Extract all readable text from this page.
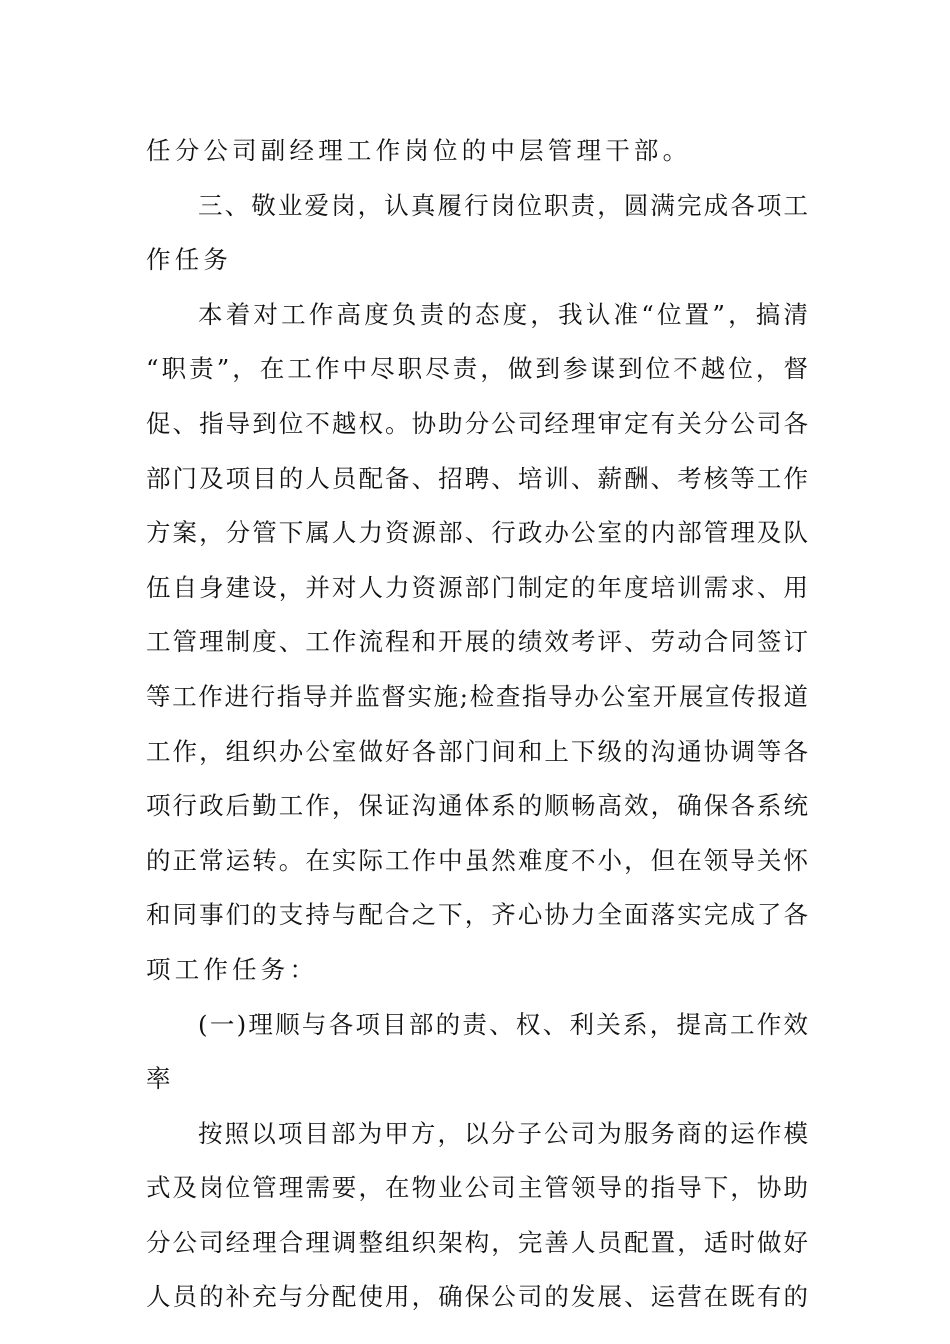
任分公司副经理工作岗位的中层管理干部。
三、敬业爱岗，认真履行岗位职责，圆满完成各项工
作任务
本着对工作高度负责的态度，我认准“位置”，搞清
“职责”，在工作中尽职尽责，做到参谋到位不越位，督
促、指导到位不越权。协助分公司经理审定有关分公司各
部门及项目的人员配备、招聘、培训、薪酬、考核等工作
方案，分管下属人力资源部、行政办公室的内部管理及队
伍自身建设，并对人力资源部门制定的年度培训需求、用
工管理制度、工作流程和开展的绩效考评、劳动合同签订
等工作进行指导并监督实施;检查指导办公室开展宣传报道
工作，组织办公室做好各部门间和上下级的沟通协调等各
项行政后勤工作，保证沟通体系的顺畅高效，确保各系统
的正常运转。在实际工作中虽然难度不小，但在领导关怀
和同事们的支持与配合之下，齐心协力全面落实完成了各
项工作任务：
(一)理顺与各项目部的责、权、利关系，提高工作效
率
按照以项目部为甲方，以分子公司为服务商的运作模
式及岗位管理需要，在物业公司主管领导的指导下，协助
分公司经理合理调整组织架构，完善人员配置，适时做好
人员的补充与分配使用，确保公司的发展、运营在既有的
